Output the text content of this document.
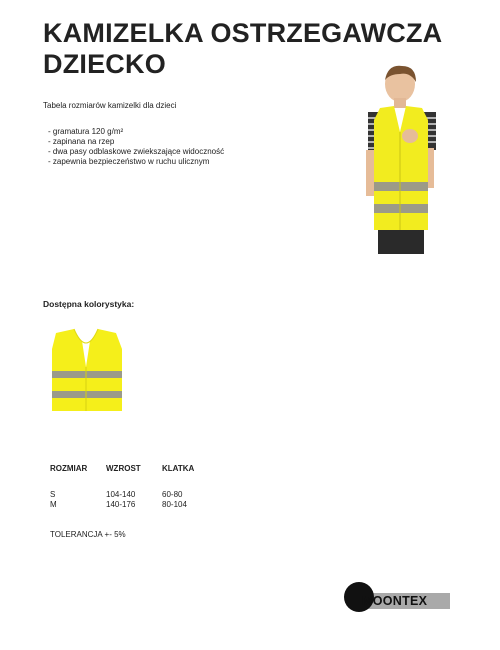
KAMIZELKA OSTRZEGAWCZA DZIECKO
Tabela rozmiarów kamizelki dla dzieci
- gramatura 120 g/m²
- zapinana na rzep
- dwa pasy odblaskowe zwiekszające widoczność
- zapewnia bezpieczeństwo w ruchu ulicznym
Dostępna kolorystyka:
ROZMIAR	WZROST	KLATKA
S	104-140	60-80
M	140-176	80-104
TOLERANCJA +- 5%
MOONTEX
